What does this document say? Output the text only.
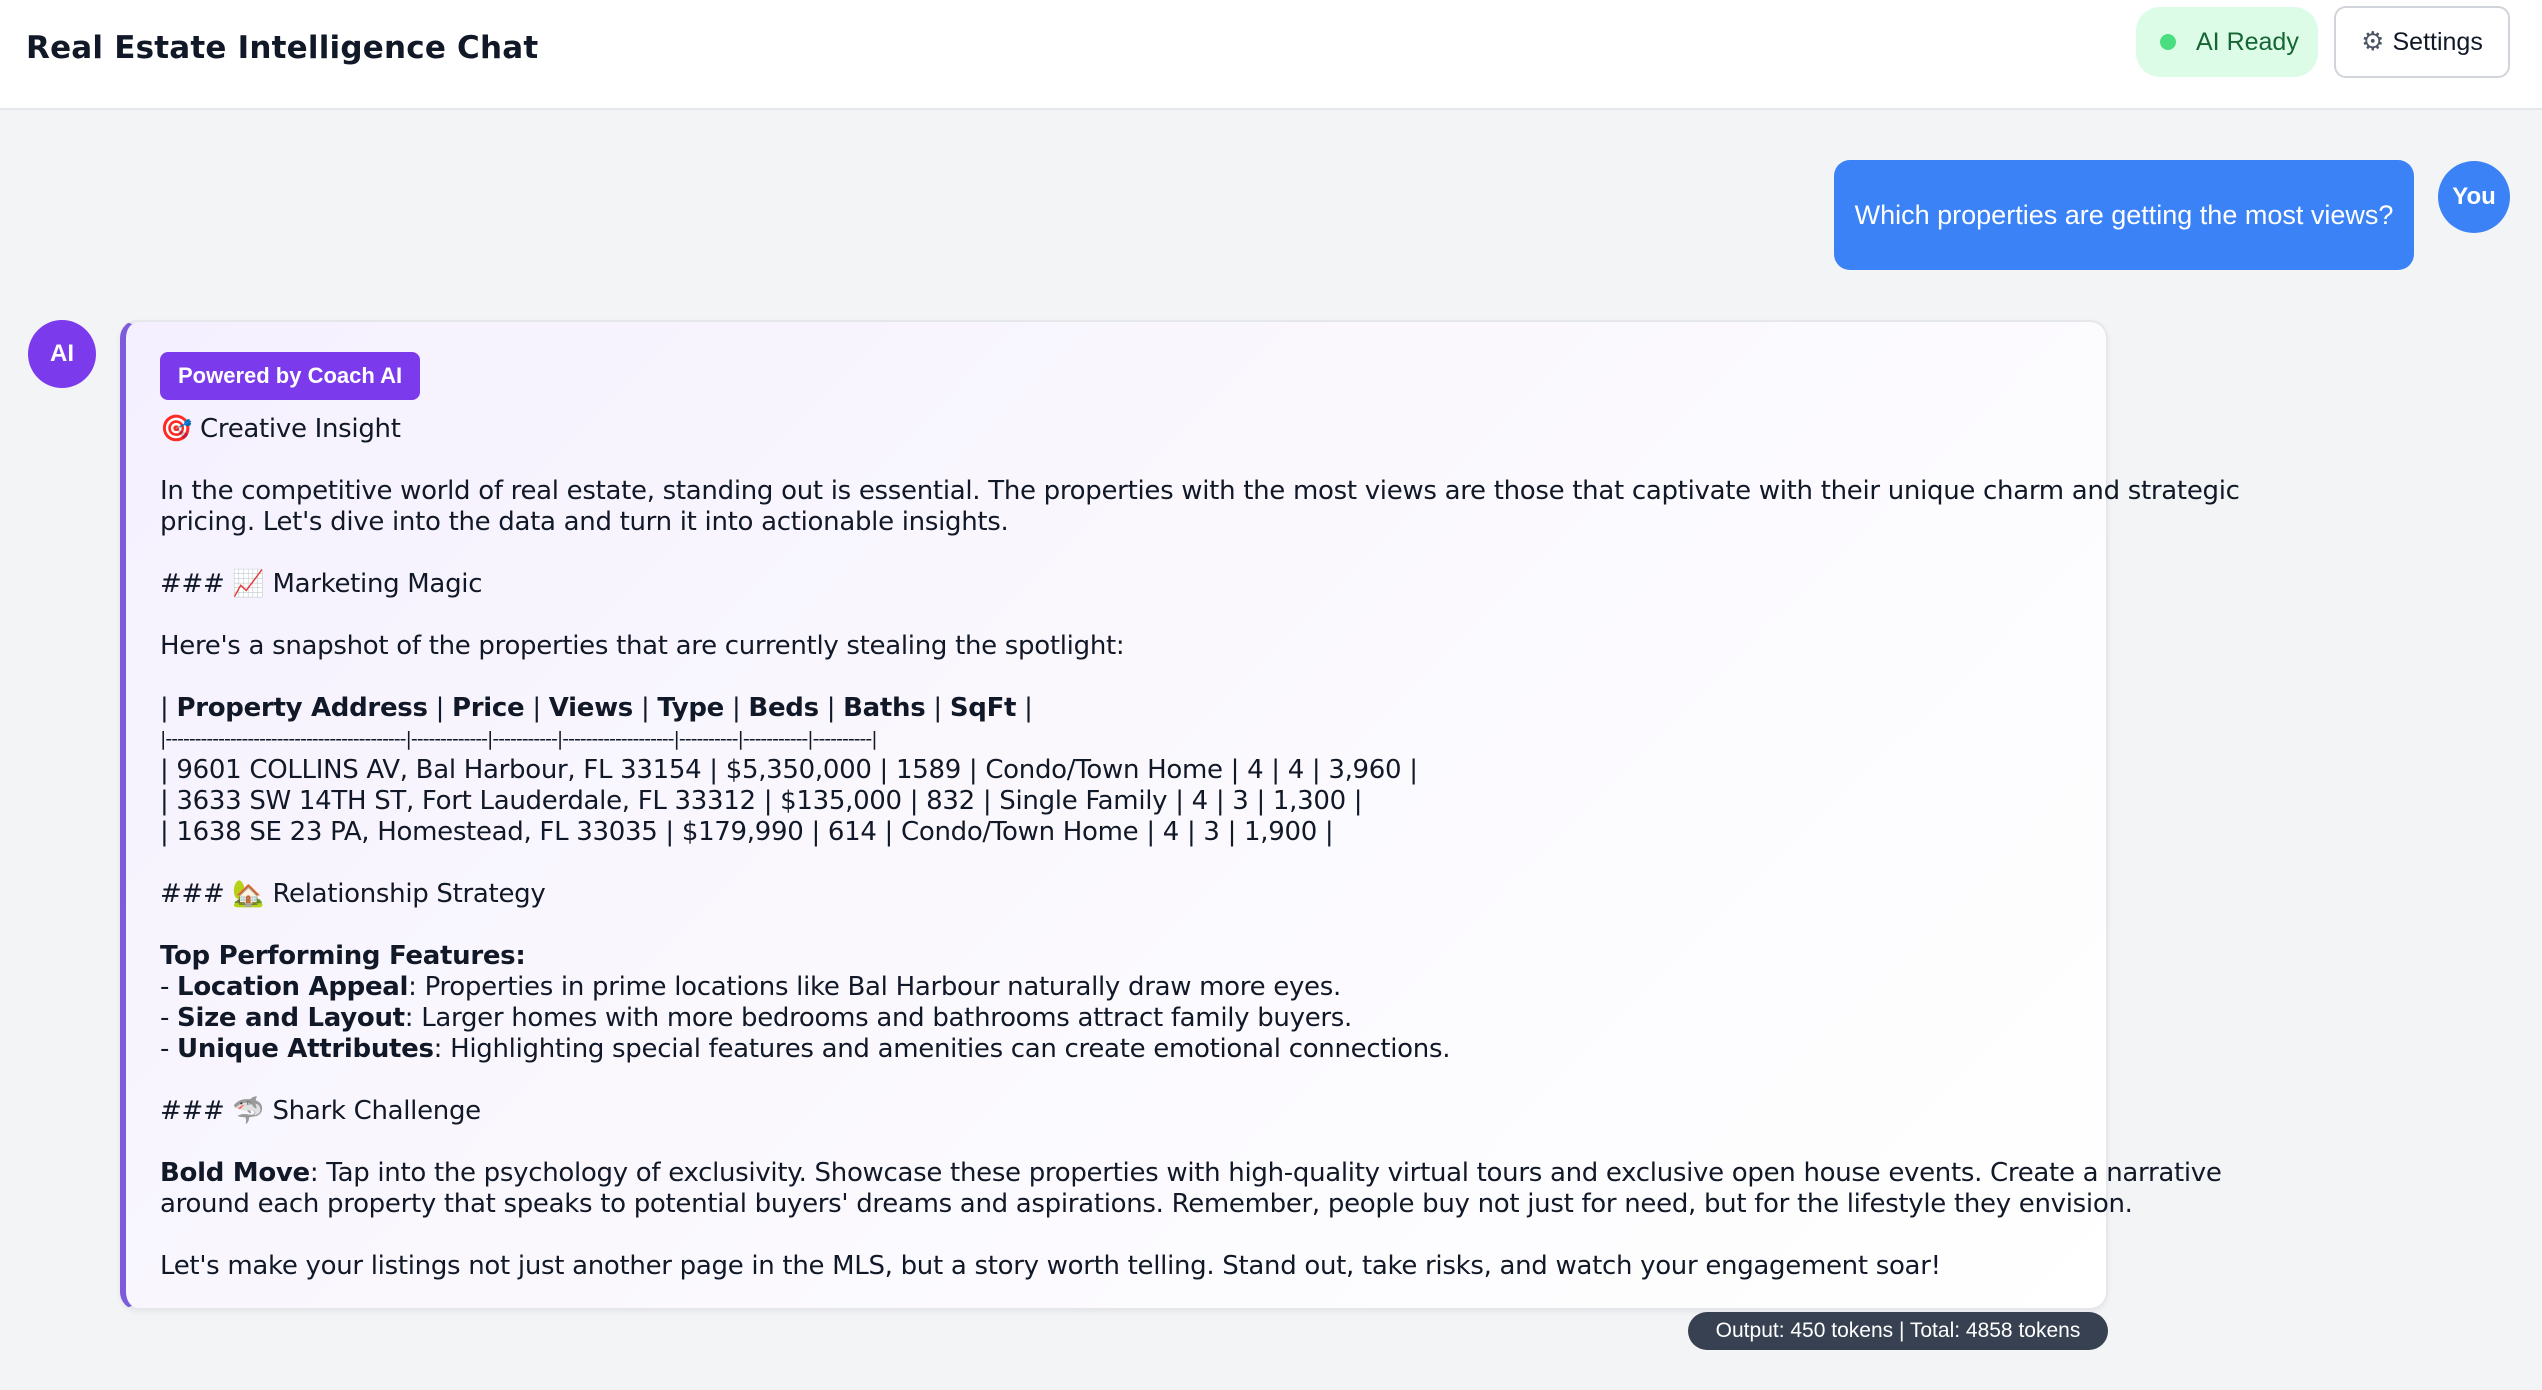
Real Estate Intelligence Chat	AI Ready ⚙ Settings
Which properties are getting the most views?
You
AI
Powered by Coach AI

🎯 Creative Insight

In the competitive world of real estate, standing out is essential. The properties with the most views are those that captivate with their unique charm and strategic

pricing. Let's dive into the data and turn it into actionable insights.

### 📈 Marketing Magic

Here's a snapshot of the properties that are currently stealing the spotlight:

| Property Address | Price | Views | Type | Beds | Baths | SqFt |

|-----------------------------------------|-------------|-----------|-------------------|----------|-----------|----------|

| 9601 COLLINS AV, Bal Harbour, FL 33154 | $5,350,000 | 1589 | Condo/Town Home | 4 | 4 | 3,960 |

| 3633 SW 14TH ST, Fort Lauderdale, FL 33312 | $135,000 | 832 | Single Family | 4 | 3 | 1,300 |

| 1638 SE 23 PA, Homestead, FL 33035 | $179,990 | 614 | Condo/Town Home | 4 | 3 | 1,900 |

### 🏡 Relationship Strategy

Top Performing Features:

- Location Appeal: Properties in prime locations like Bal Harbour naturally draw more eyes.

- Size and Layout: Larger homes with more bedrooms and bathrooms attract family buyers.

- Unique Attributes: Highlighting special features and amenities can create emotional connections.

### 🦈 Shark Challenge

Bold Move: Tap into the psychology of exclusivity. Showcase these properties with high-quality virtual tours and exclusive open house events. Create a narrative

around each property that speaks to potential buyers' dreams and aspirations. Remember, people buy not just for need, but for the lifestyle they envision.

Let's make your listings not just another page in the MLS, but a story worth telling. Stand out, take risks, and watch your engagement soar!

Output: 450 tokens | Total: 4858 tokens
